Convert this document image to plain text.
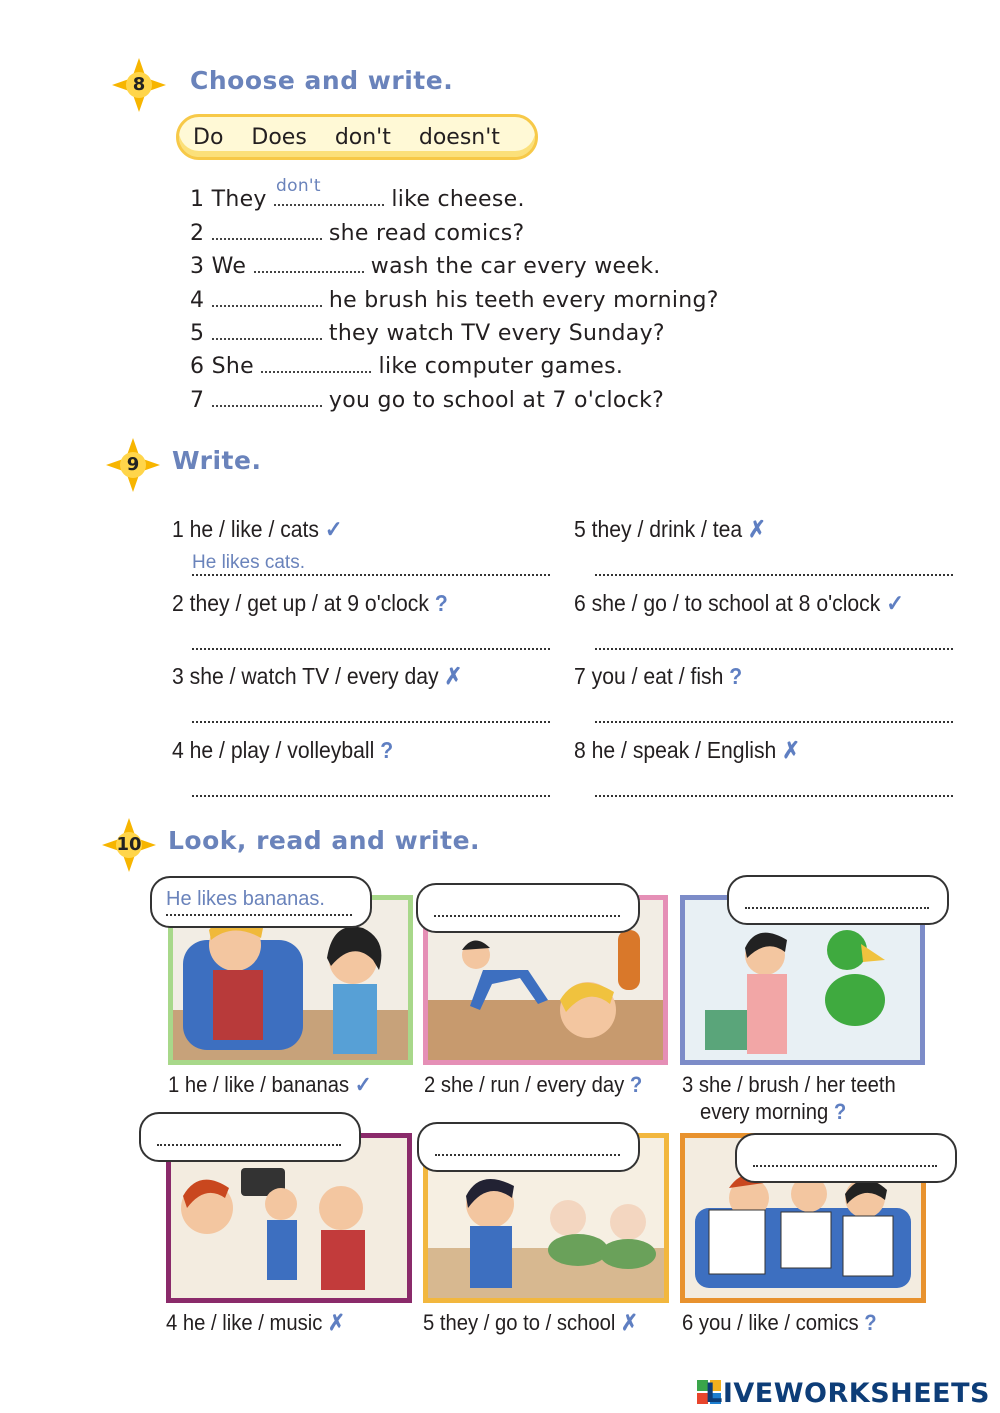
8	Choose and write.
Do Does don't doesn't
1 They
don't
like cheese.
2	she read comics?
3 We	wash the car every week.
4	he brush his teeth every morning?
5	they watch TV every Sunday?
6 She	like computer games.
7	you go to school at 7 o'clock?
9	Write.
1 he / like / cats ✓
2 they / get up / at 9 o'clock ?
3 she / watch TV / every day ✗
4 he / play / volleyball ?
5 they / drink / tea ✗
6 she / go / to school at 8 o'clock ✓
7 you / eat / fish ?
8 he / speak / English ✗
He likes cats.
10	Look, read and write.
He likes bananas.
1 he / like / bananas ✓ 2 she / run / every day ? 3 she / brush / her teeth
every morning ?
4 he / like / music ✗	5 they / go to / school ✗ 6 you / like / comics ?
LIVEWORKSHEETS
